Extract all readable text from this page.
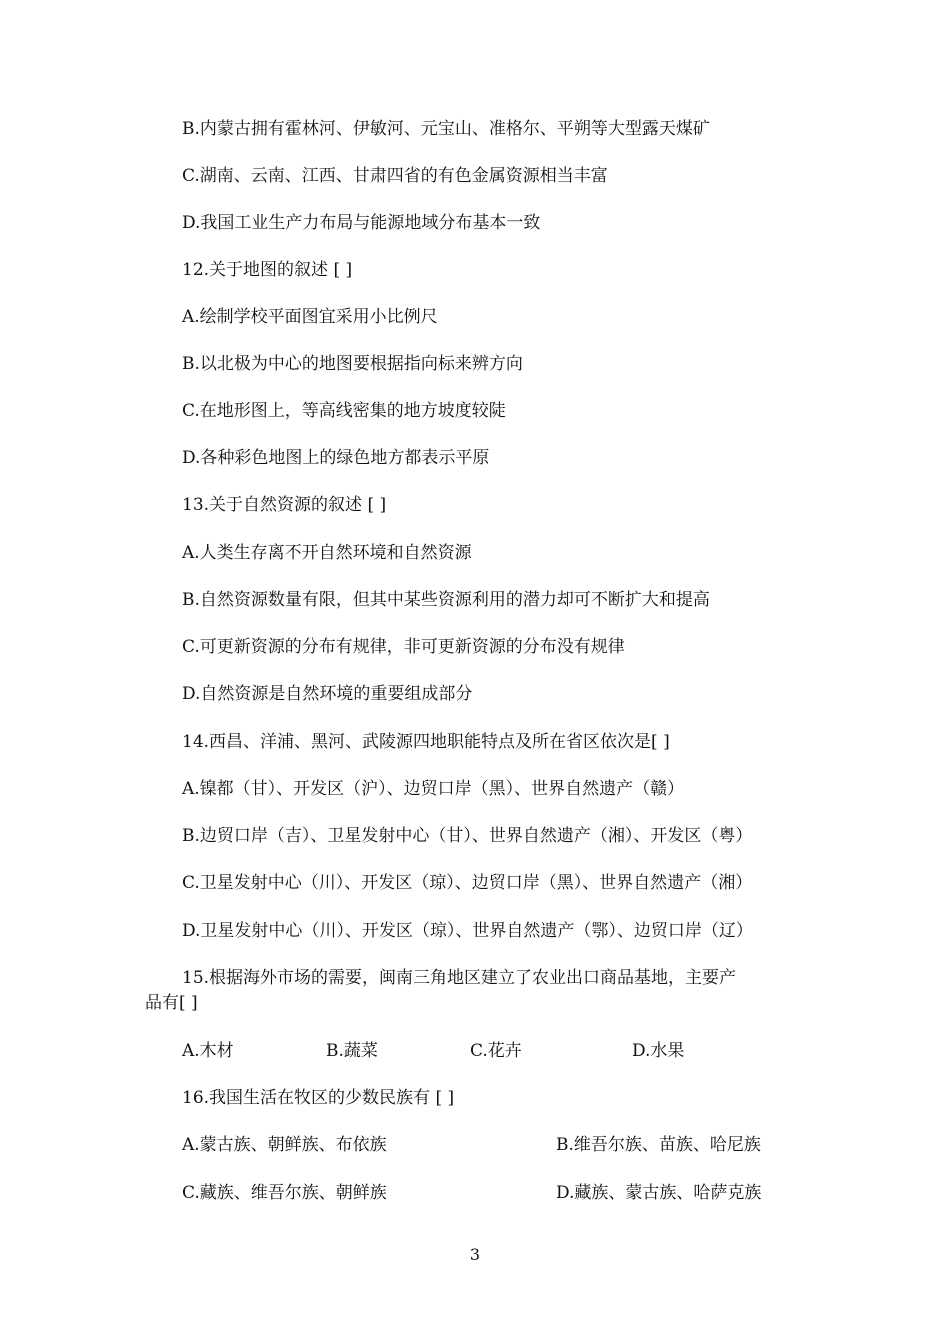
B.内蒙古拥有霍林河、伊敏河、元宝山、准格尔、平朔等大型露天煤矿
C.湖南、云南、江西、甘肃四省的有色金属资源相当丰富
D.我国工业生产力布局与能源地域分布基本一致
12.关于地图的叙述 [ ]
A.绘制学校平面图宜采用小比例尺
B.以北极为中心的地图要根据指向标来辨方向
C.在地形图上，等高线密集的地方坡度较陡
D.各种彩色地图上的绿色地方都表示平原
13.关于自然资源的叙述 [ ]
A.人类生存离不开自然环境和自然资源
B.自然资源数量有限，但其中某些资源利用的潜力却可不断扩大和提高
C.可更新资源的分布有规律，非可更新资源的分布没有规律
D.自然资源是自然环境的重要组成部分
14.西昌、洋浦、黑河、武陵源四地职能特点及所在省区依次是[ ]
A.镍都（甘）、开发区（沪）、边贸口岸（黑）、世界自然遗产（赣）
B.边贸口岸（吉）、卫星发射中心（甘）、世界自然遗产（湘）、开发区（粤）
C.卫星发射中心（川）、开发区（琼）、边贸口岸（黑）、世界自然遗产（湘）
D.卫星发射中心（川）、开发区（琼）、世界自然遗产（鄂）、边贸口岸（辽）
15.根据海外市场的需要，闽南三角地区建立了农业出口商品基地，主要产
品有[ ]
A.木材	B.蔬菜	C.花卉	D.水果
16.我国生活在牧区的少数民族有 [ ]
A.蒙古族、朝鲜族、布依族	B.维吾尔族、苗族、哈尼族
C.藏族、维吾尔族、朝鲜族	D.藏族、蒙古族、哈萨克族
3
